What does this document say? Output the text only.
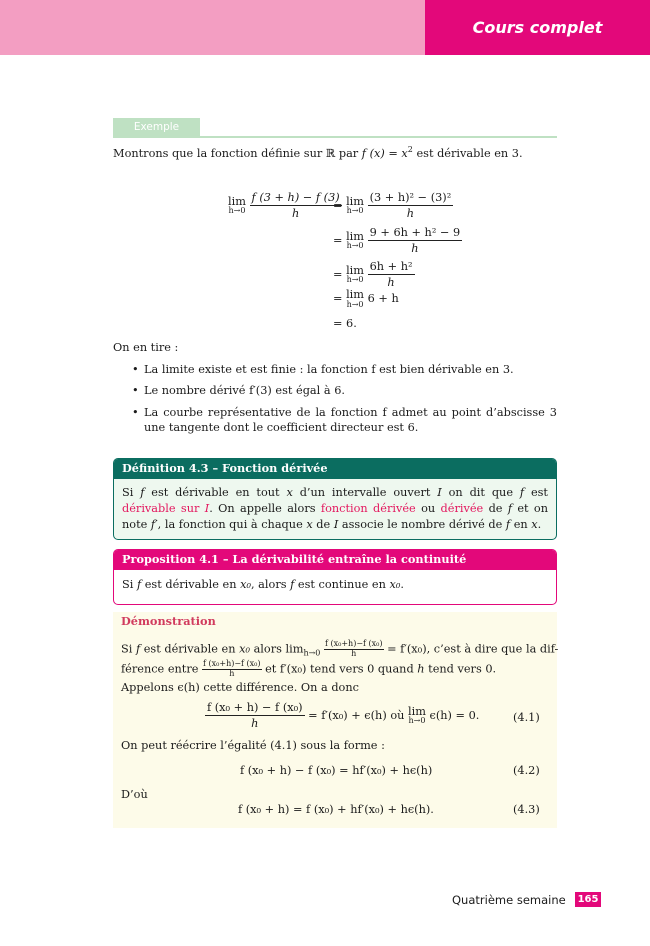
Cours complet
Exemple
Montrons que la fonction définie sur ℝ par f $(x) = x^2$ est dérivable en 3.
lim
h→0
$\frac{f (3 + h) - f (3)}{h}$
= lim
h→0
$\frac{\text{(3 + h)² − (3)²}}{h}$
= lim
h→0
$\frac{\text{9 + 6h + h² − 9}}{h}$
= lim
h→0
$\frac{\text{6h + h²}}{h}$
= lim
h→0 6 + h
= 6.
On en tire :
• La limite existe et est finie : la fonction f est bien dérivable en 3.
• Le nombre dérivé f′(3) est égal à 6.
• La courbe représentative de la fonction f admet au point d’abscisse 3 une tangente dont le coefficient directeur est 6.
Définition 4.3 – Fonction dérivée
Si f est dérivable en tout x d’un intervalle ouvert I on dit que f est dérivable sur I. On appelle alors fonction dérivée ou dérivée de f et on note f′, la fonction qui à chaque x de I associe le nombre dérivé de f en x.
Proposition 4.1 – La dérivabilité entraîne la continuité
Si f est dérivable en x₀, alors f est continue en x₀.
Démonstration
Si f est dérivable en x₀ alors $\lim_{h\to 0} \frac{\text{f (x₀+h)−f (x₀)}}{h} = f'(x_0)$, c’est à dire que la dif-
férence entre $\frac{\text{f (x₀+h)−f (x₀)}}{h}$ et f′(x₀) tend vers 0 quand h tend vers 0.
Appelons ϵ(h) cette différence. On a donc
$\frac{\text{f (x₀ + h) − f (x₀)}}{h} = f'(x_0) + \epsilon(h)$ où lim
h→0 ϵ(h) = 0.	(4.1)
On peut réécrire l’égalité (4.1) sous la forme :
f (x₀ + h) − f (x₀) = hf′(x₀) + hϵ(h)	(4.2)
D’où
f (x₀ + h) = f (x₀) + hf′(x₀) + hϵ(h).	(4.3)
Quatrième semaine 165
